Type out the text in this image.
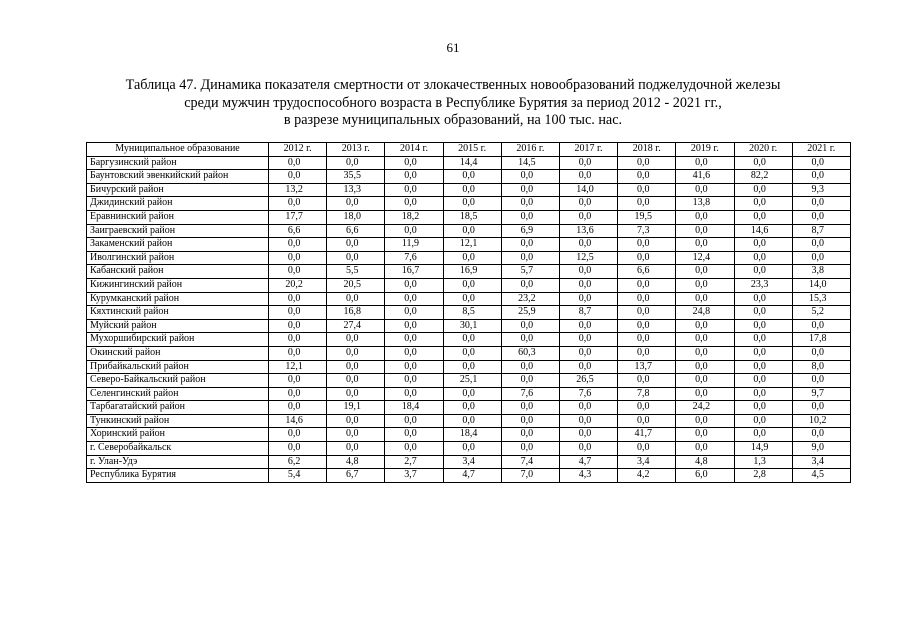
61
Таблица 47. Динамика показателя смертности от злокачественных новообразований поджелудочной железы
среди мужчин трудоспособного возраста в Республике Бурятия за период 2012 - 2021 гг.,
в разрезе муниципальных образований, на 100 тыс. нас.
Муниципальное образование	2012 г.	2013 г.	2014 г.	2015 г.	2016 г.	2017 г.	2018 г.	2019 г.	2020 г.	2021 г.
Баргузинский район	0,0	0,0	0,0	14,4	14,5	0,0	0,0	0,0	0,0	0,0
Баунтовский эвенкийский район	0,0	35,5	0,0	0,0	0,0	0,0	0,0	41,6	82,2	0,0
Бичурский район	13,2	13,3	0,0	0,0	0,0	14,0	0,0	0,0	0,0	9,3
Джидинский район	0,0	0,0	0,0	0,0	0,0	0,0	0,0	13,8	0,0	0,0
Еравнинский район	17,7	18,0	18,2	18,5	0,0	0,0	19,5	0,0	0,0	0,0
Заиграевский район	6,6	6,6	0,0	0,0	6,9	13,6	7,3	0,0	14,6	8,7
Закаменский район	0,0	0,0	11,9	12,1	0,0	0,0	0,0	0,0	0,0	0,0
Иволгинский район	0,0	0,0	7,6	0,0	0,0	12,5	0,0	12,4	0,0	0,0
Кабанский район	0,0	5,5	16,7	16,9	5,7	0,0	6,6	0,0	0,0	3,8
Кижингинский район	20,2	20,5	0,0	0,0	0,0	0,0	0,0	0,0	23,3	14,0
Курумканский район	0,0	0,0	0,0	0,0	23,2	0,0	0,0	0,0	0,0	15,3
Кяхтинский район	0,0	16,8	0,0	8,5	25,9	8,7	0,0	24,8	0,0	5,2
Муйский район	0,0	27,4	0,0	30,1	0,0	0,0	0,0	0,0	0,0	0,0
Мухоршибирский район	0,0	0,0	0,0	0,0	0,0	0,0	0,0	0,0	0,0	17,8
Окинский район	0,0	0,0	0,0	0,0	60,3	0,0	0,0	0,0	0,0	0,0
Прибайкальский район	12,1	0,0	0,0	0,0	0,0	0,0	13,7	0,0	0,0	8,0
Северо-Байкальский район	0,0	0,0	0,0	25,1	0,0	26,5	0,0	0,0	0,0	0,0
Селенгинский район	0,0	0,0	0,0	0,0	7,6	7,6	7,8	0,0	0,0	9,7
Тарбагатайский район	0,0	19,1	18,4	0,0	0,0	0,0	0,0	24,2	0,0	0,0
Тункинский район	14,6	0,0	0,0	0,0	0,0	0,0	0,0	0,0	0,0	10,2
Хоринский район	0,0	0,0	0,0	18,4	0,0	0,0	41,7	0,0	0,0	0,0
г. Северобайкальск	0,0	0,0	0,0	0,0	0,0	0,0	0,0	0,0	14,9	9,0
г. Улан-Удэ	6,2	4,8	2,7	3,4	7,4	4,7	3,4	4,8	1,3	3,4
Республика Бурятия	5,4	6,7	3,7	4,7	7,0	4,3	4,2	6,0	2,8	4,5
